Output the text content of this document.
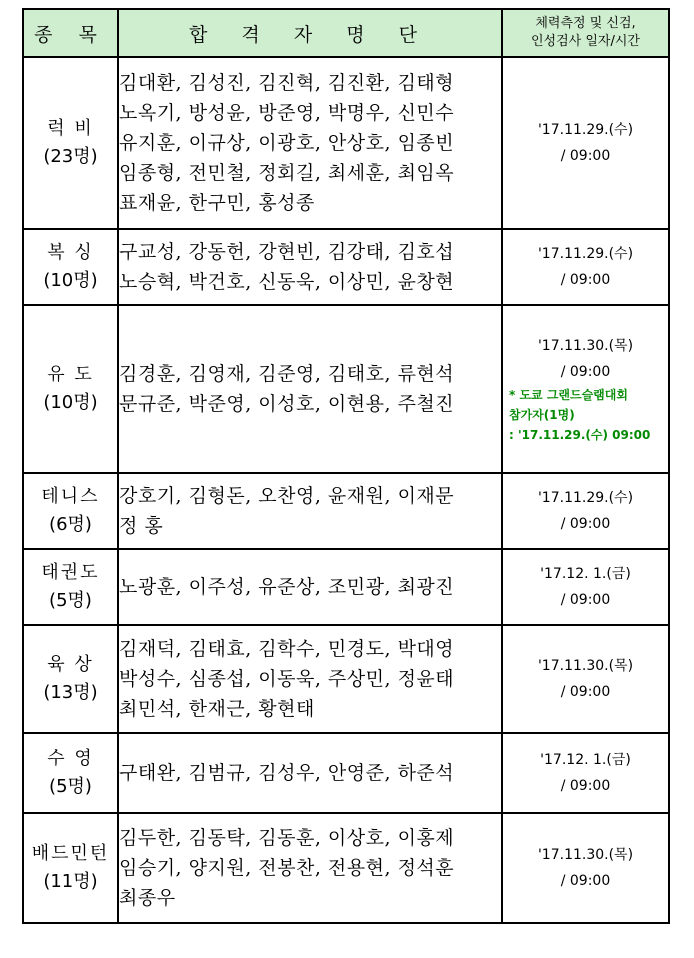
종 목	합 격 자 명 단	체력측정 및 신검,
인성검사 일자/시간

럭 비
(23명)	김대환, 김성진, 김진혁, 김진환, 김태형
노옥기, 방성윤, 방준영, 박명우, 신민수
유지훈, 이규상, 이광호, 안상호, 임종빈
임종형, 전민철, 정회길, 최세훈, 최임옥
표재윤, 한구민, 홍성종	'17.11.29.(수)
/ 09:00

복 싱
(10명)	구교성, 강동헌, 강현빈, 김강태, 김호섭
노승혁, 박건호, 신동욱, 이상민, 윤창현	'17.11.29.(수)
/ 09:00

유 도
(10명)	김경훈, 김영재, 김준영, 김태호, 류현석
문규준, 박준영, 이성호, 이현용, 주철진	'17.11.30.(목)
/ 09:00
* 도쿄 그랜드슬램대회
참가자(1명)
: '17.11.29.(수) 09:00

테니스
(6명)	강호기, 김형돈, 오찬영, 윤재원, 이재문
정 홍	'17.11.29.(수)
/ 09:00

태권도
(5명)	노광훈, 이주성, 유준상, 조민광, 최광진	'17.12. 1.(금)
/ 09:00

육 상
(13명)	김재덕, 김태효, 김학수, 민경도, 박대영
박성수, 심종섭, 이동욱, 주상민, 정윤태
최민석, 한재근, 황현태	'17.11.30.(목)
/ 09:00

수 영
(5명)	구태완, 김범규, 김성우, 안영준, 하준석	'17.12. 1.(금)
/ 09:00

배드민턴
(11명)	김두한, 김동탁, 김동훈, 이상호, 이홍제
임승기, 양지원, 전봉찬, 전용현, 정석훈
최종우	'17.11.30.(목)
/ 09:00
